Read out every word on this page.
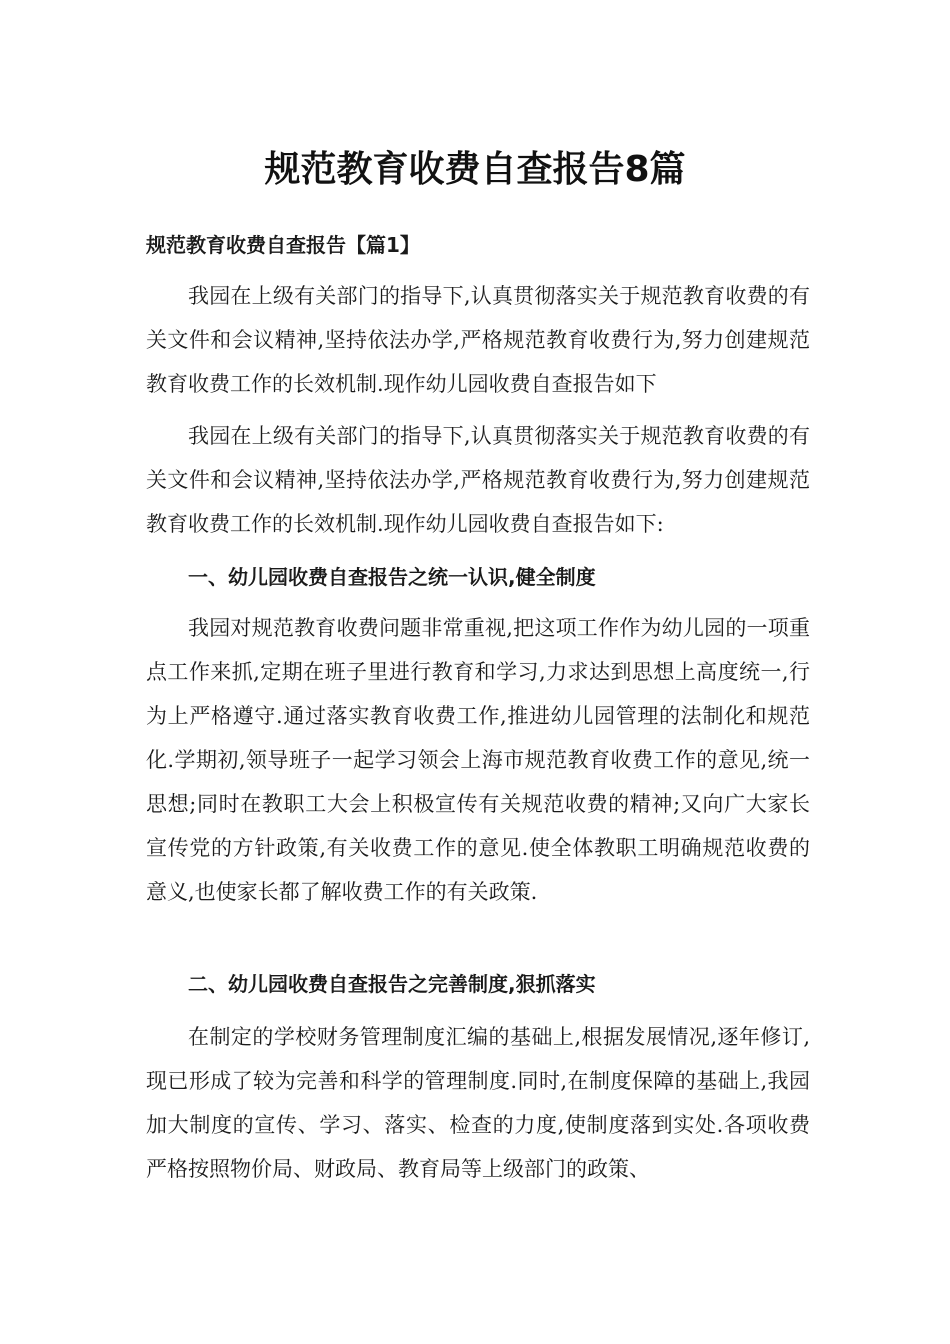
规范教育收费自查报告8篇
规范教育收费自查报告【篇1】

我园在上级有关部门的指导下,认真贯彻落实关于规范教育收费的有关文件和会议精神,坚持依法办学,严格规范教育收费行为,努力创建规范教育收费工作的长效机制.现作幼儿园收费自查报告如下

我园在上级有关部门的指导下,认真贯彻落实关于规范教育收费的有关文件和会议精神,坚持依法办学,严格规范教育收费行为,努力创建规范教育收费工作的长效机制.现作幼儿园收费自查报告如下:

一、幼儿园收费自查报告之统一认识,健全制度

我园对规范教育收费问题非常重视,把这项工作作为幼儿园的一项重点工作来抓,定期在班子里进行教育和学习,力求达到思想上高度统一,行为上严格遵守.通过落实教育收费工作,推进幼儿园管理的法制化和规范化.学期初,领导班子一起学习领会上海市规范教育收费工作的意见,统一思想;同时在教职工大会上积极宣传有关规范收费的精神;又向广大家长宣传党的方针政策,有关收费工作的意见.使全体教职工明确规范收费的意义,也使家长都了解收费工作的有关政策.

二、幼儿园收费自查报告之完善制度,狠抓落实

在制定的学校财务管理制度汇编的基础上,根据发展情况,逐年修订,现已形成了较为完善和科学的管理制度.同时,在制度保障的基础上,我园加大制度的宣传、学习、落实、检查的力度,使制度落到实处.各项收费严格按照物价局、财政局、教育局等上级部门的政策、
